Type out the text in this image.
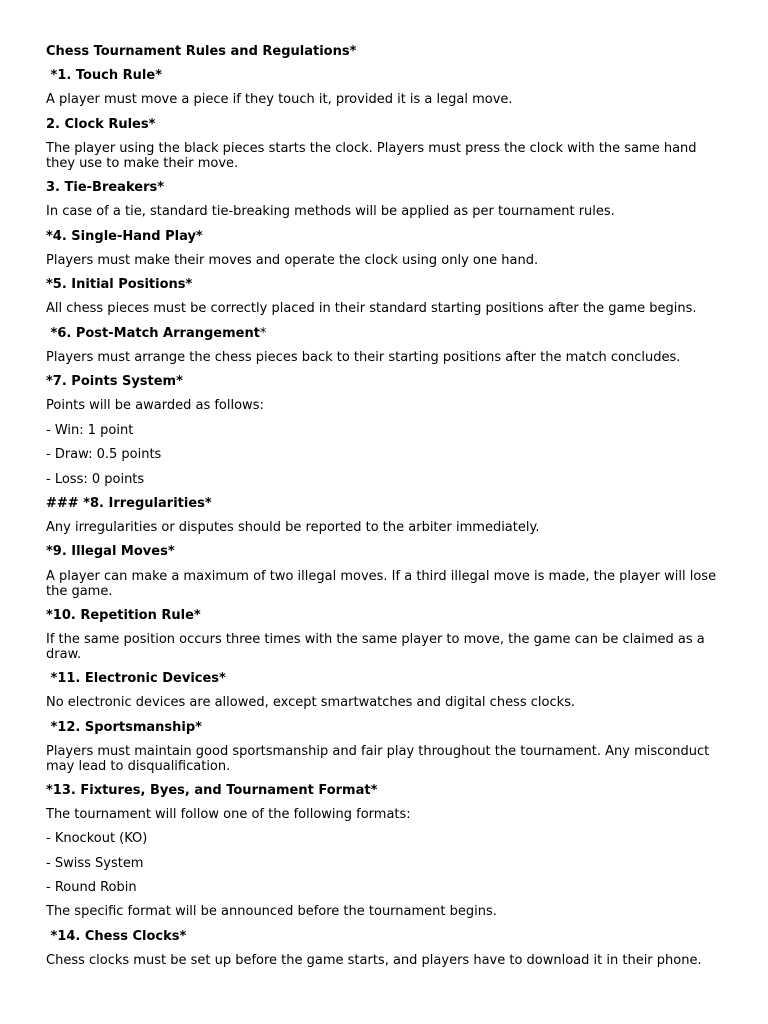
Chess Tournament Rules and Regulations*

*1. Touch Rule*

A player must move a piece if they touch it, provided it is a legal move.

2. Clock Rules*

The player using the black pieces starts the clock. Players must press the clock with the same hand they use to make their move.

3. Tie-Breakers*

In case of a tie, standard tie-breaking methods will be applied as per tournament rules.

*4. Single-Hand Play*

Players must make their moves and operate the clock using only one hand.

*5. Initial Positions*

All chess pieces must be correctly placed in their standard starting positions after the game begins.

*6. Post-Match Arrangement*

Players must arrange the chess pieces back to their starting positions after the match concludes.

*7. Points System*

Points will be awarded as follows:

- Win: 1 point

- Draw: 0.5 points

- Loss: 0 points

### *8. Irregularities*

Any irregularities or disputes should be reported to the arbiter immediately.

*9. Illegal Moves*

A player can make a maximum of two illegal moves. If a third illegal move is made, the player will lose the game.

*10. Repetition Rule*

If the same position occurs three times with the same player to move, the game can be claimed as a draw.

*11. Electronic Devices*

No electronic devices are allowed, except smartwatches and digital chess clocks.

*12. Sportsmanship*

Players must maintain good sportsmanship and fair play throughout the tournament. Any misconduct may lead to disqualification.

*13. Fixtures, Byes, and Tournament Format*

The tournament will follow one of the following formats:

- Knockout (KO)

- Swiss System

- Round Robin

The specific format will be announced before the tournament begins.

*14. Chess Clocks*

Chess clocks must be set up before the game starts, and players have to download it in their phone.
